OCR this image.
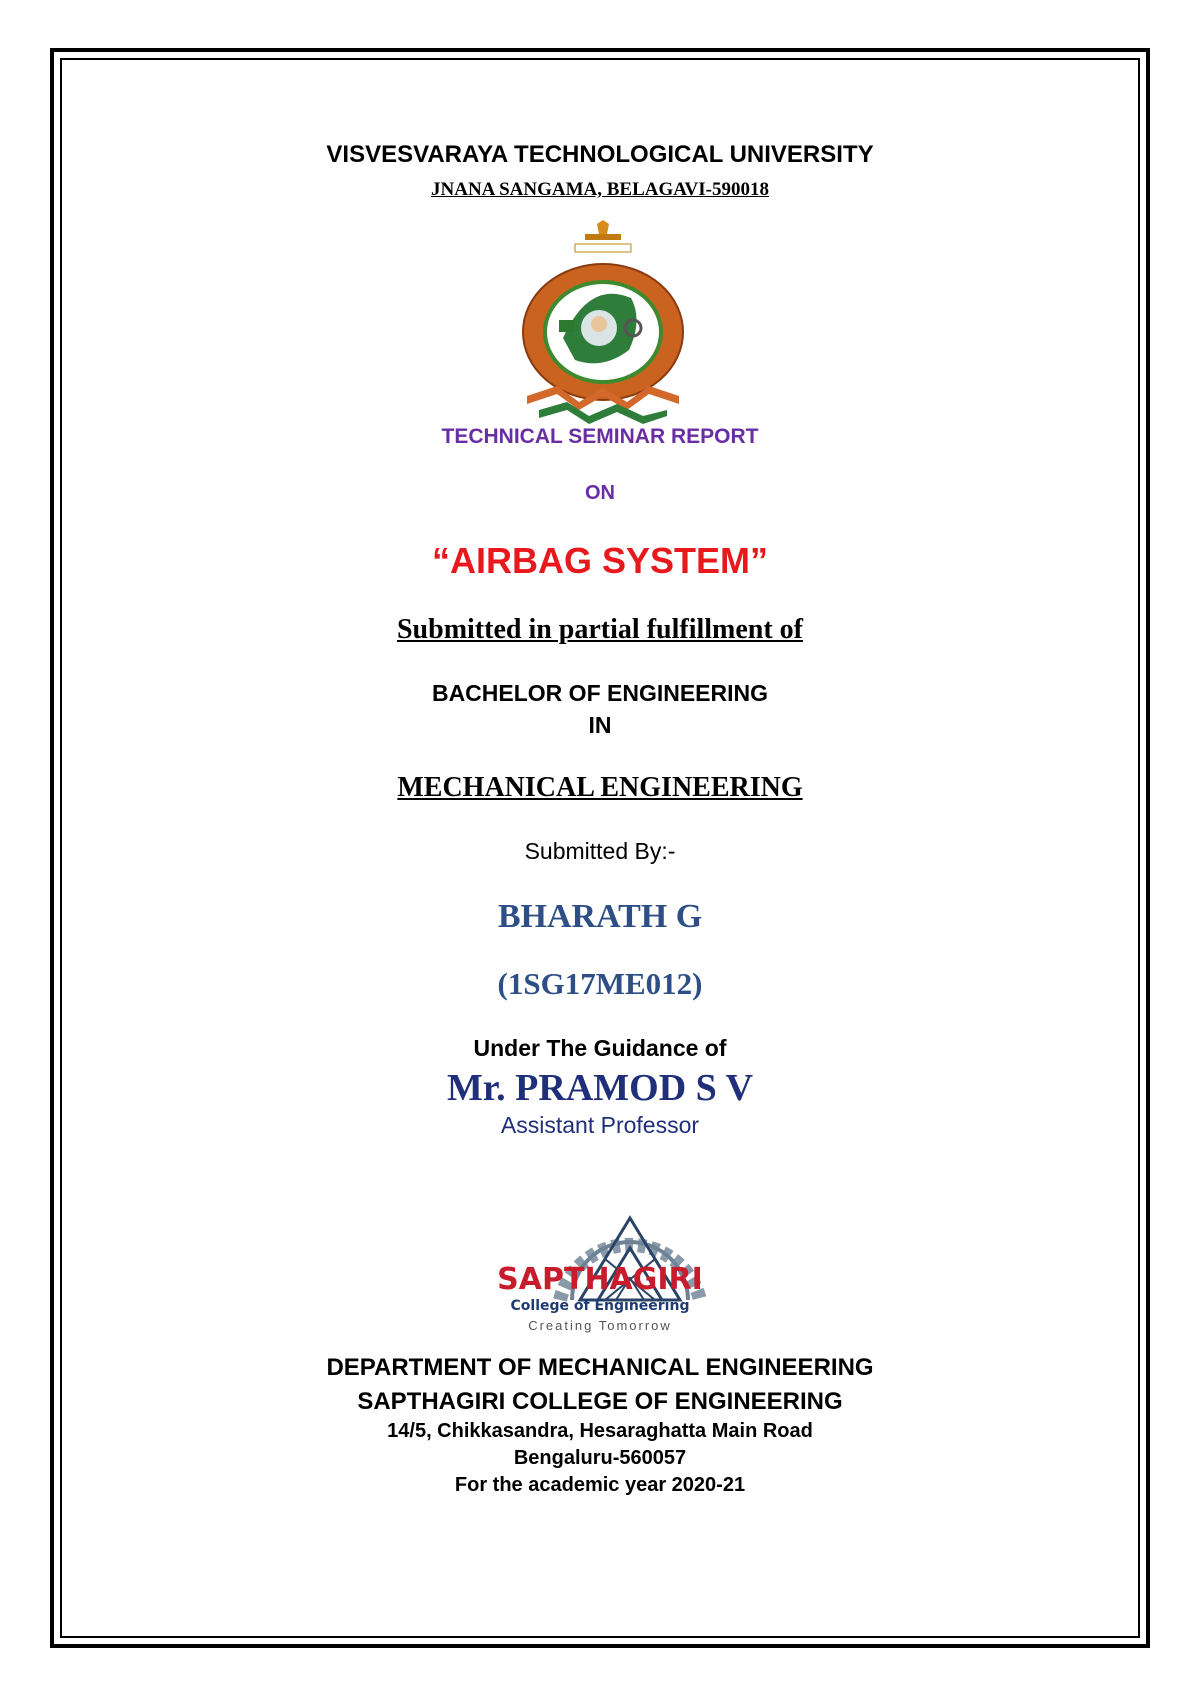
VISVESVARAYA TECHNOLOGICAL UNIVERSITY
JNANA SANGAMA, BELAGAVI-590018
TECHNICAL SEMINAR REPORT
ON
“AIRBAG SYSTEM”
Submitted in partial fulfillment of
BACHELOR OF ENGINEERING
IN
MECHANICAL ENGINEERING
Submitted By:-
BHARATH G
(1SG17ME012)
Under The Guidance of
Mr. PRAMOD S V
Assistant Professor
SAPTHAGIRI
College of Engineering
Creating Tomorrow
DEPARTMENT OF MECHANICAL ENGINEERING
SAPTHAGIRI COLLEGE OF ENGINEERING
14/5, Chikkasandra, Hesaraghatta Main Road
Bengaluru-560057
For the academic year 2020-21
